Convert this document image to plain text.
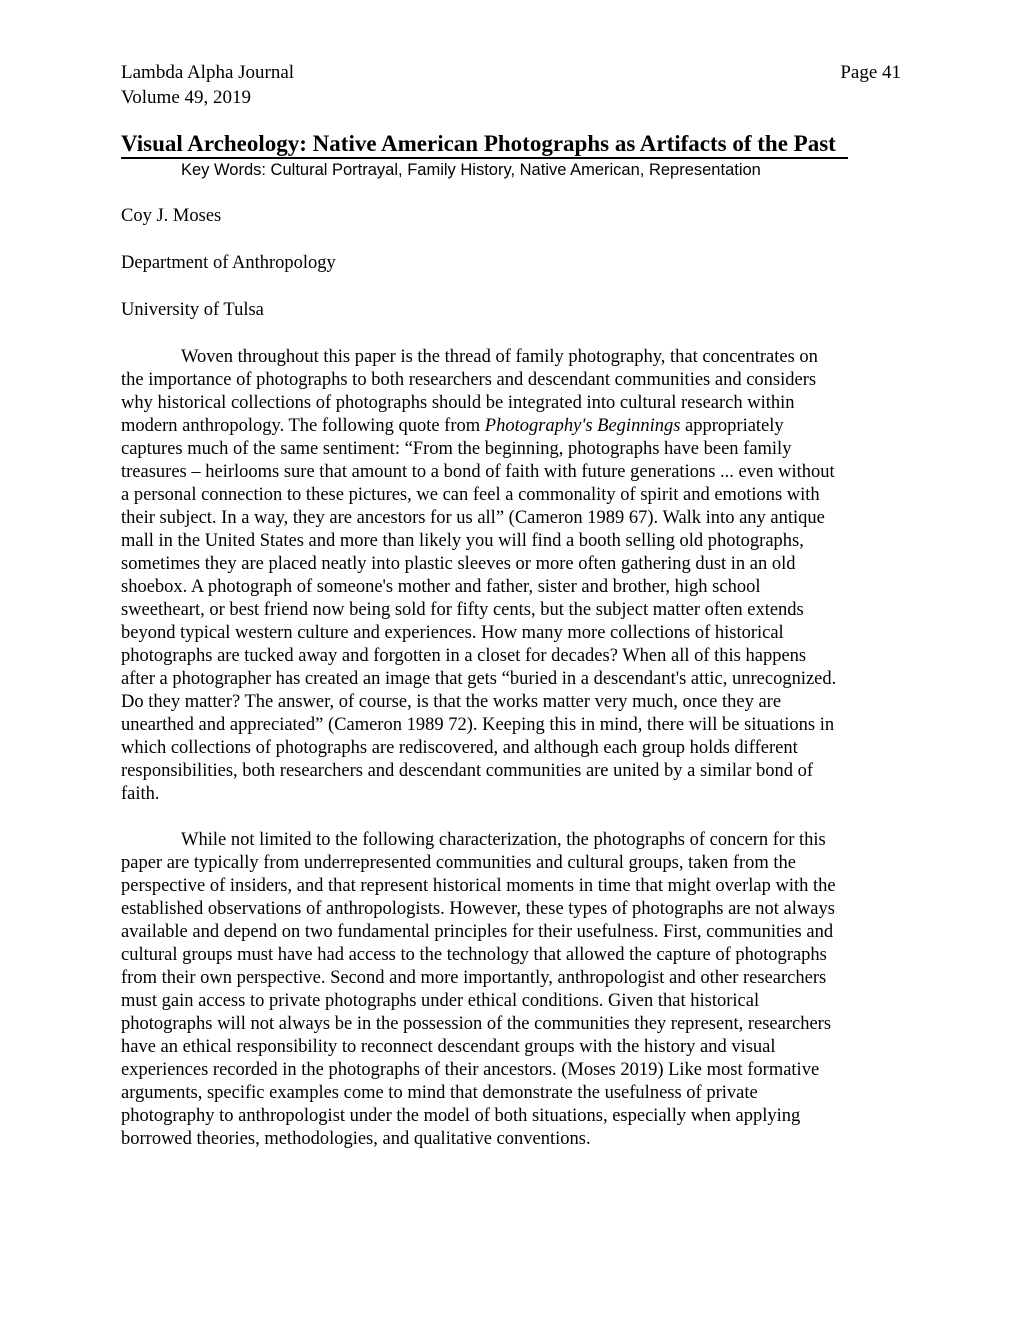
Lambda Alpha Journal	Page 41
Volume 49, 2019
Visual Archeology: Native American Photographs as Artifacts of the Past
Key Words: Cultural Portrayal, Family History, Native American, Representation
Coy J. Moses
Department of Anthropology
University of Tulsa
Woven throughout this paper is the thread of family photography, that concentrates on
the importance of photographs to both researchers and descendant communities and considers
why historical collections of photographs should be integrated into cultural research within
modern anthropology. The following quote from Photography's Beginnings appropriately
captures much of the same sentiment: “From the beginning, photographs have been family
treasures – heirlooms sure that amount to a bond of faith with future generations ... even without
a personal connection to these pictures, we can feel a commonality of spirit and emotions with
their subject. In a way, they are ancestors for us all” (Cameron 1989 67). Walk into any antique
mall in the United States and more than likely you will find a booth selling old photographs,
sometimes they are placed neatly into plastic sleeves or more often gathering dust in an old
shoebox. A photograph of someone's mother and father, sister and brother, high school
sweetheart, or best friend now being sold for fifty cents, but the subject matter often extends
beyond typical western culture and experiences. How many more collections of historical
photographs are tucked away and forgotten in a closet for decades? When all of this happens
after a photographer has created an image that gets “buried in a descendant's attic, unrecognized.
Do they matter? The answer, of course, is that the works matter very much, once they are
unearthed and appreciated” (Cameron 1989 72). Keeping this in mind, there will be situations in
which collections of photographs are rediscovered, and although each group holds different
responsibilities, both researchers and descendant communities are united by a similar bond of
faith.
While not limited to the following characterization, the photographs of concern for this
paper are typically from underrepresented communities and cultural groups, taken from the
perspective of insiders, and that represent historical moments in time that might overlap with the
established observations of anthropologists. However, these types of photographs are not always
available and depend on two fundamental principles for their usefulness. First, communities and
cultural groups must have had access to the technology that allowed the capture of photographs
from their own perspective. Second and more importantly, anthropologist and other researchers
must gain access to private photographs under ethical conditions. Given that historical
photographs will not always be in the possession of the communities they represent, researchers
have an ethical responsibility to reconnect descendant groups with the history and visual
experiences recorded in the photographs of their ancestors. (Moses 2019) Like most formative
arguments, specific examples come to mind that demonstrate the usefulness of private
photography to anthropologist under the model of both situations, especially when applying
borrowed theories, methodologies, and qualitative conventions.
